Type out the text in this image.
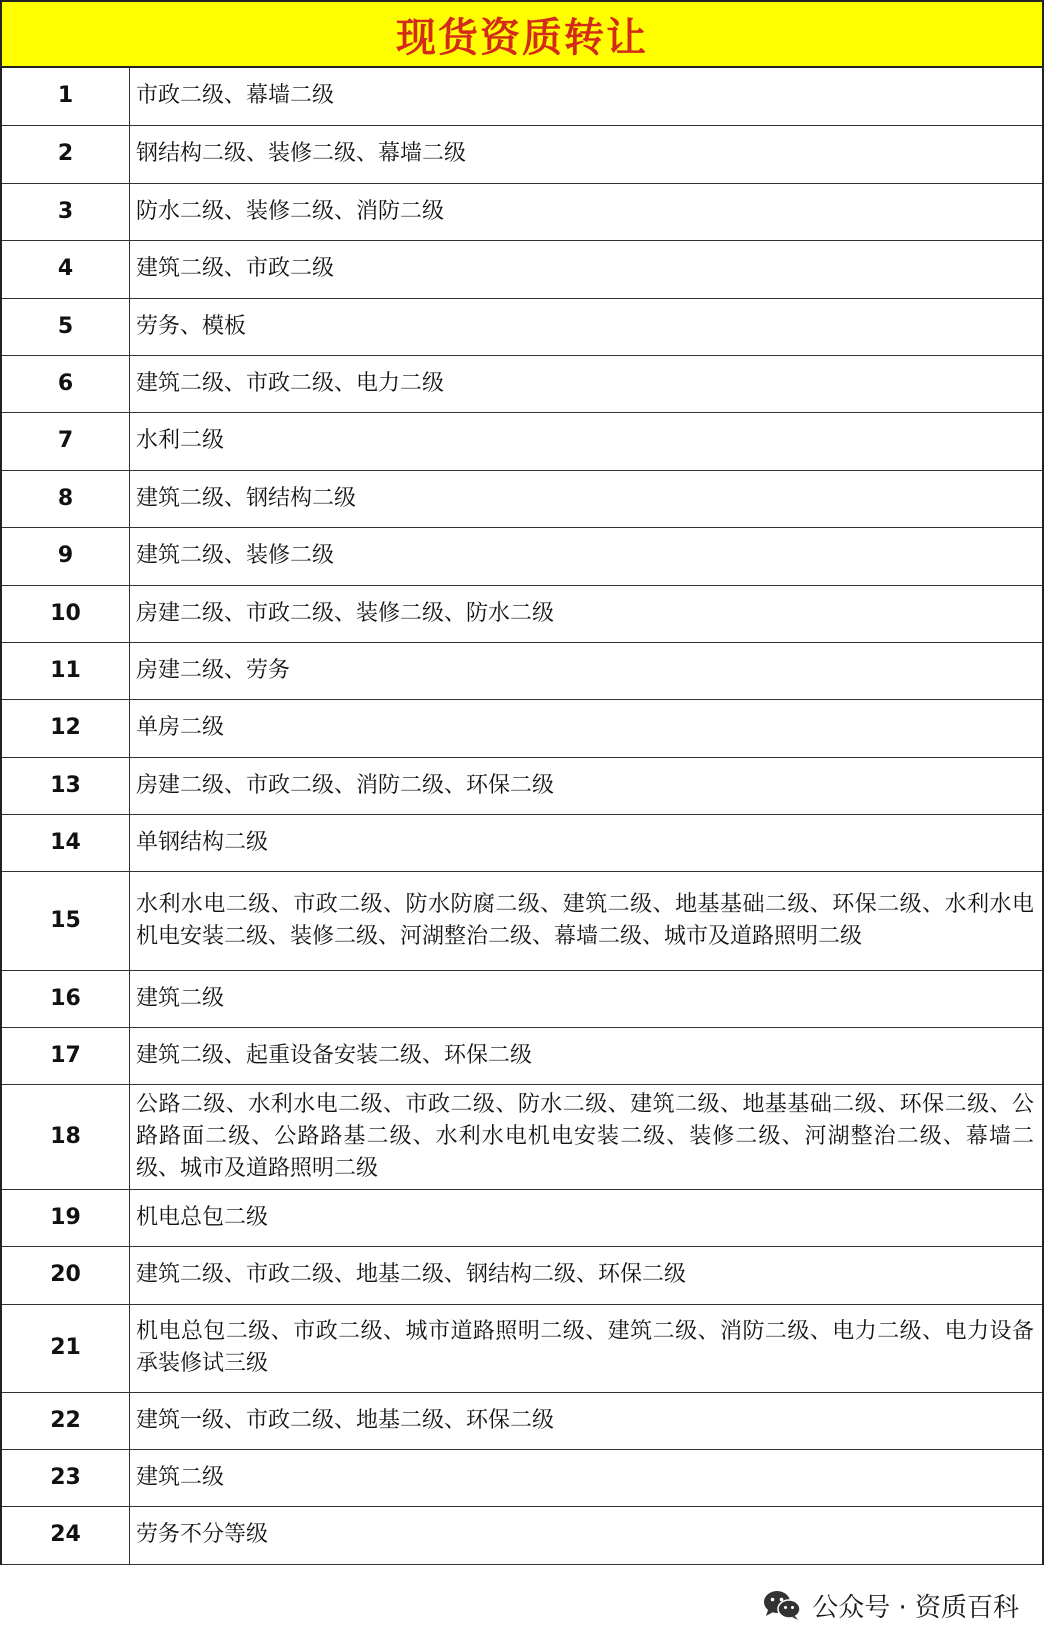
现货资质转让
1	市政二级、幕墙二级
2	钢结构二级、装修二级、幕墙二级
3	防水二级、装修二级、消防二级
4	建筑二级、市政二级
5	劳务、模板
6	建筑二级、市政二级、电力二级
7	水利二级
8	建筑二级、钢结构二级
9	建筑二级、装修二级
10	房建二级、市政二级、装修二级、防水二级
11	房建二级、劳务
12	单房二级
13	房建二级、市政二级、消防二级、环保二级
14	单钢结构二级
15	水利水电二级、市政二级、防水防腐二级、建筑二级、地基基础二级、环保二级、水利水电机电安装二级、装修二级、河湖整治二级、幕墙二级、城市及道路照明二级
16	建筑二级
17	建筑二级、起重设备安装二级、环保二级
18	公路二级、水利水电二级、市政二级、防水二级、建筑二级、地基基础二级、环保二级、公路路面二级、公路路基二级、水利水电机电安装二级、装修二级、河湖整治二级、幕墙二级、城市及道路照明二级
19	机电总包二级
20	建筑二级、市政二级、地基二级、钢结构二级、环保二级
21	机电总包二级、市政二级、城市道路照明二级、建筑二级、消防二级、电力二级、电力设备承装修试三级
22	建筑一级、市政二级、地基二级、环保二级
23	建筑二级
24	劳务不分等级
公众号 · 资质百科
